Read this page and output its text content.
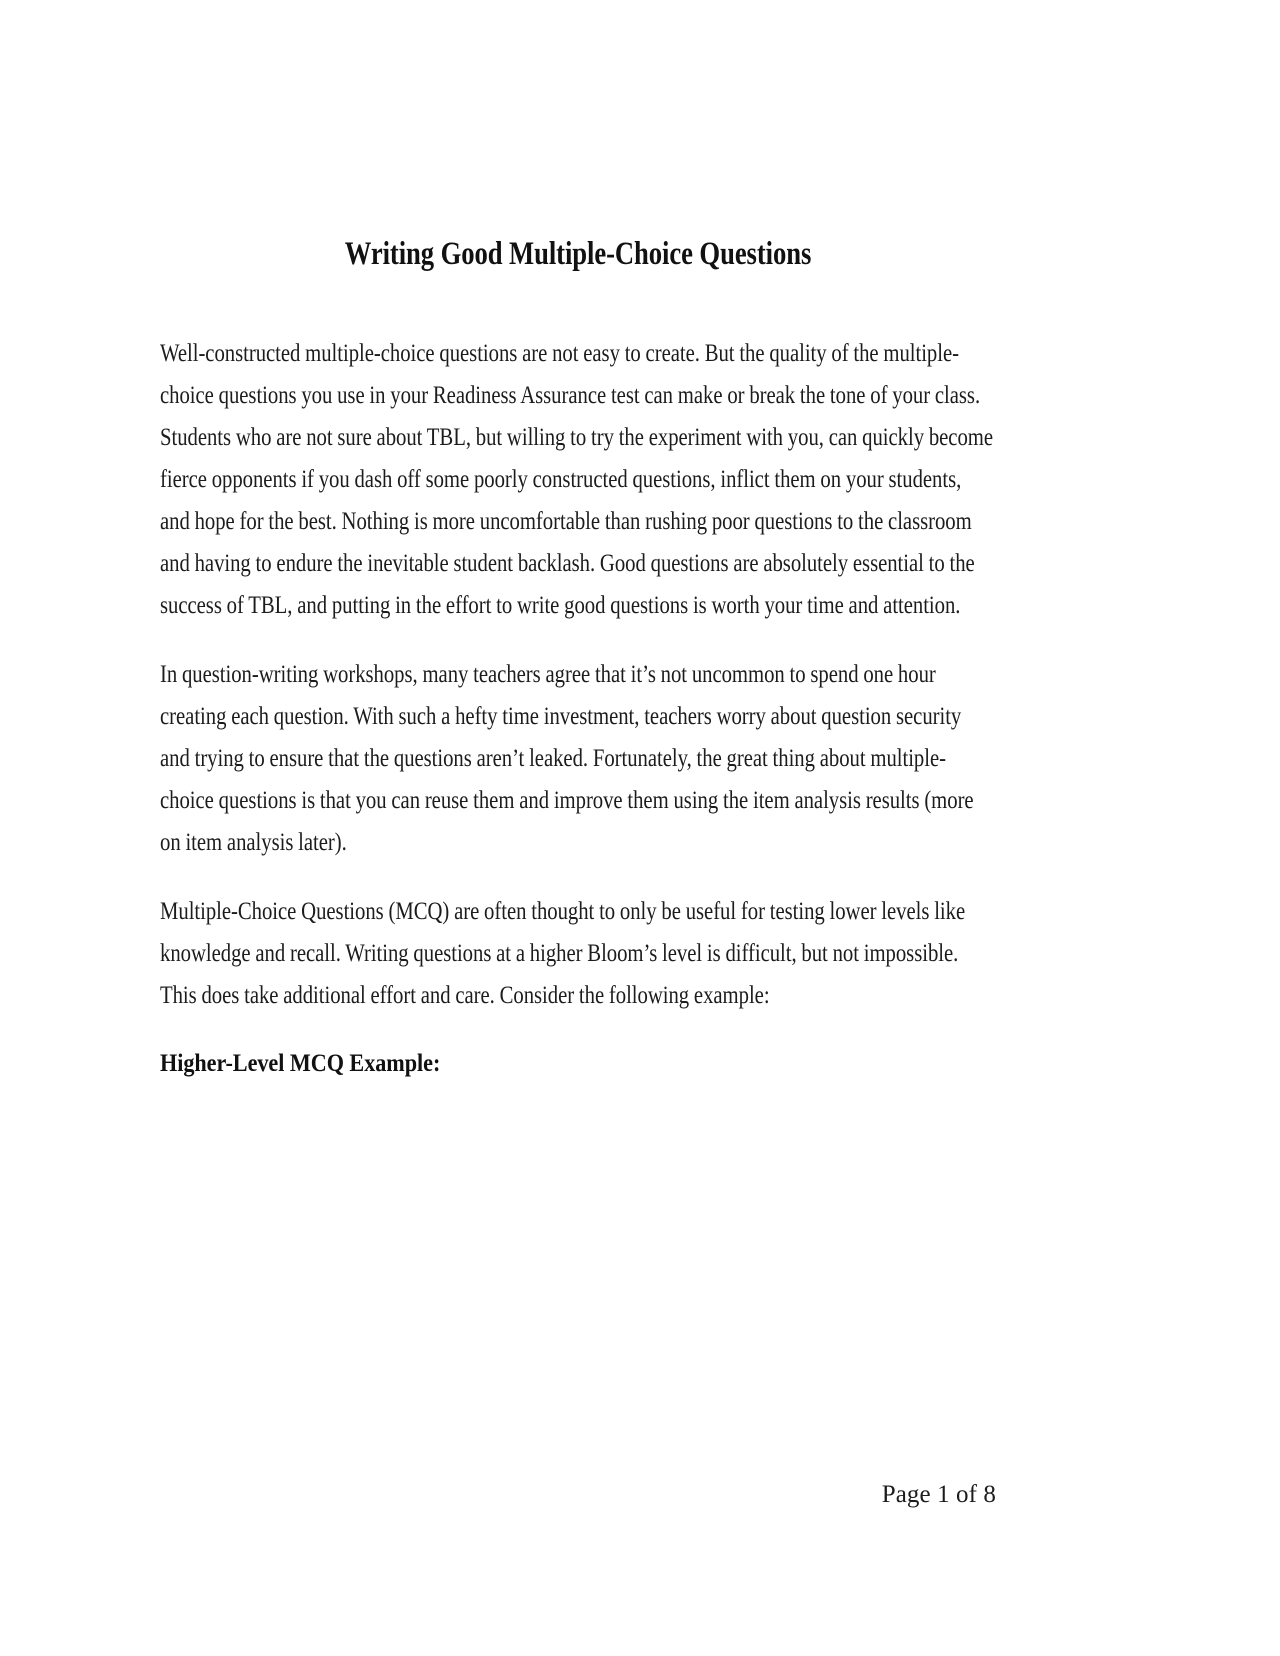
Writing Good Multiple-Choice Questions

Well-constructed multiple-choice questions are not easy to create. But the quality of the multiple-choice questions you use in your Readiness Assurance test can make or break the tone of your class. Students who are not sure about TBL, but willing to try the experiment with you, can quickly become fierce opponents if you dash off some poorly constructed questions, inflict them on your students, and hope for the best. Nothing is more uncomfortable than rushing poor questions to the classroom and having to endure the inevitable student backlash. Good questions are absolutely essential to the success of TBL, and putting in the effort to write good questions is worth your time and attention.

In question-writing workshops, many teachers agree that it’s not uncommon to spend one hour creating each question. With such a hefty time investment, teachers worry about question security and trying to ensure that the questions aren’t leaked. Fortunately, the great thing about multiple-choice questions is that you can reuse them and improve them using the item analysis results (more on item analysis later).

Multiple-Choice Questions (MCQ) are often thought to only be useful for testing lower levels like knowledge and recall. Writing questions at a higher Bloom’s level is difficult, but not impossible. This does take additional effort and care. Consider the following example:

Higher-Level MCQ Example:
Page 1 of 8
